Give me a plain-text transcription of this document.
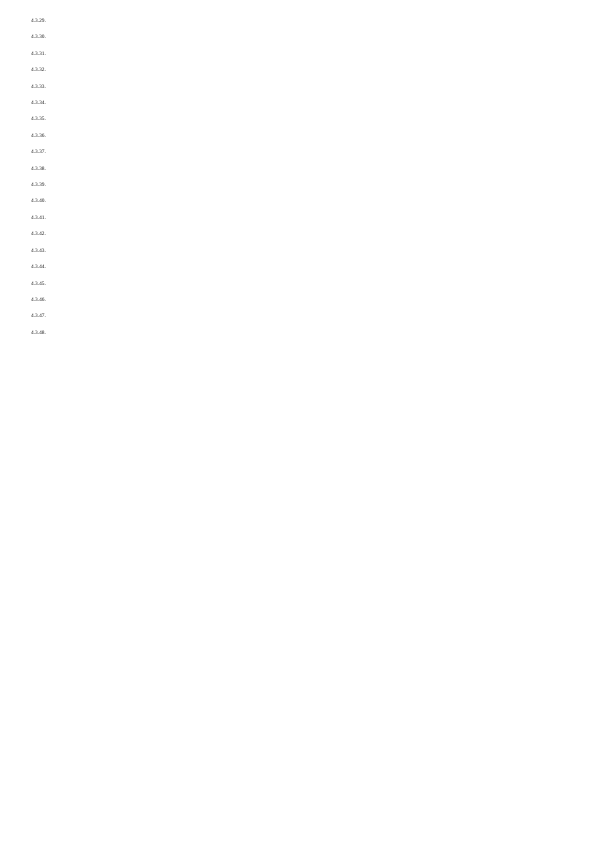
4.3.29.

4.3.30.

4.3.31.

4.3.32.

4.3.33.

4.3.34.

4.3.35.

4.3.36.

4.3.37.

4.3.38.

4.3.39.

4.3.40.

4.3.41.

4.3.42.

4.3.43.

4.3.44.

4.3.45.

4.3.46.

4.3.47.

4.3.48.
